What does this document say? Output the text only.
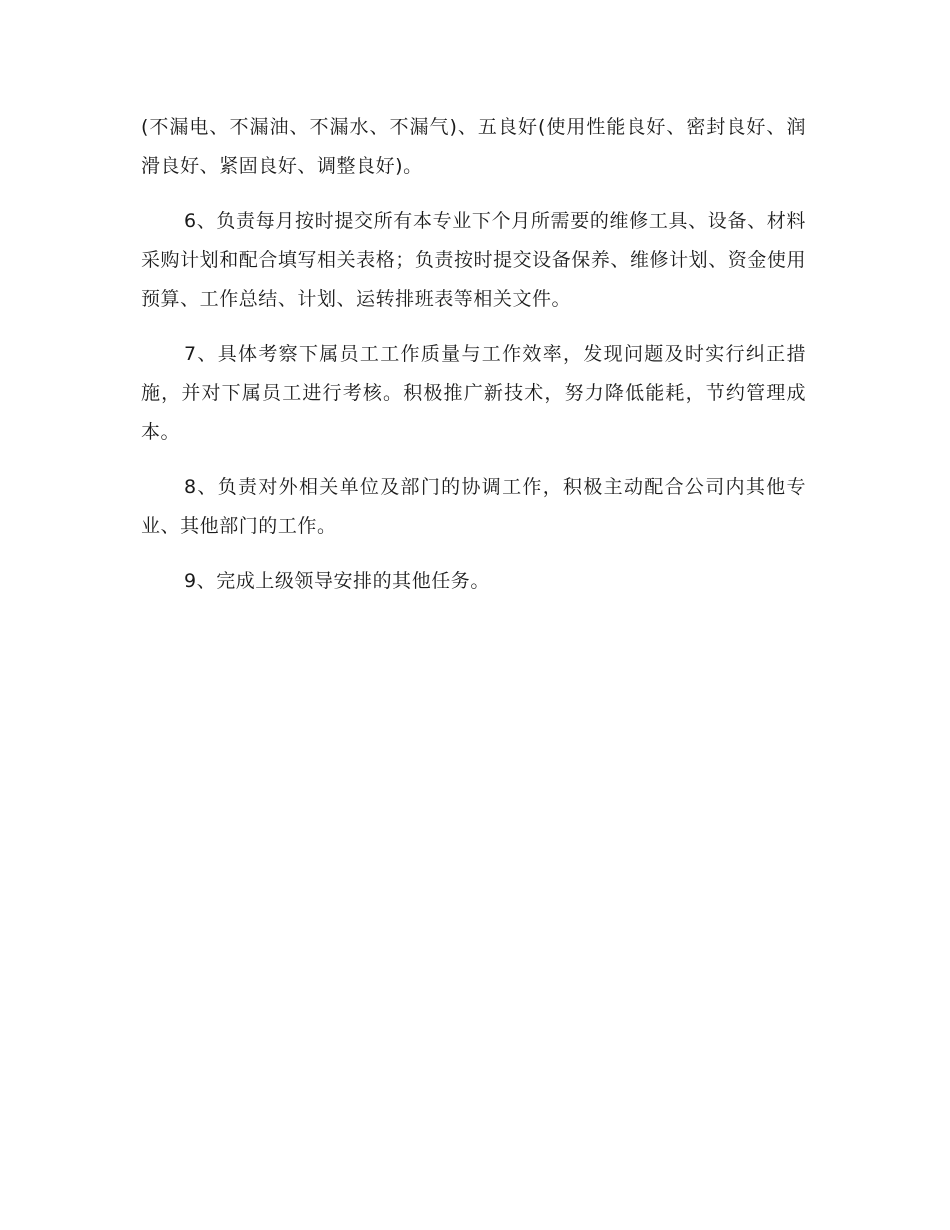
(不漏电、不漏油、不漏水、不漏气)、五良好(使用性能良好、密封良好、润滑良好、紧固良好、调整良好)。

6、负责每月按时提交所有本专业下个月所需要的维修工具、设备、材料采购计划和配合填写相关表格；负责按时提交设备保养、维修计划、资金使用预算、工作总结、计划、运转排班表等相关文件。

7、具体考察下属员工工作质量与工作效率，发现问题及时实行纠正措施，并对下属员工进行考核。积极推广新技术，努力降低能耗，节约管理成本。

8、负责对外相关单位及部门的协调工作，积极主动配合公司内其他专业、其他部门的工作。

9、完成上级领导安排的其他任务。
